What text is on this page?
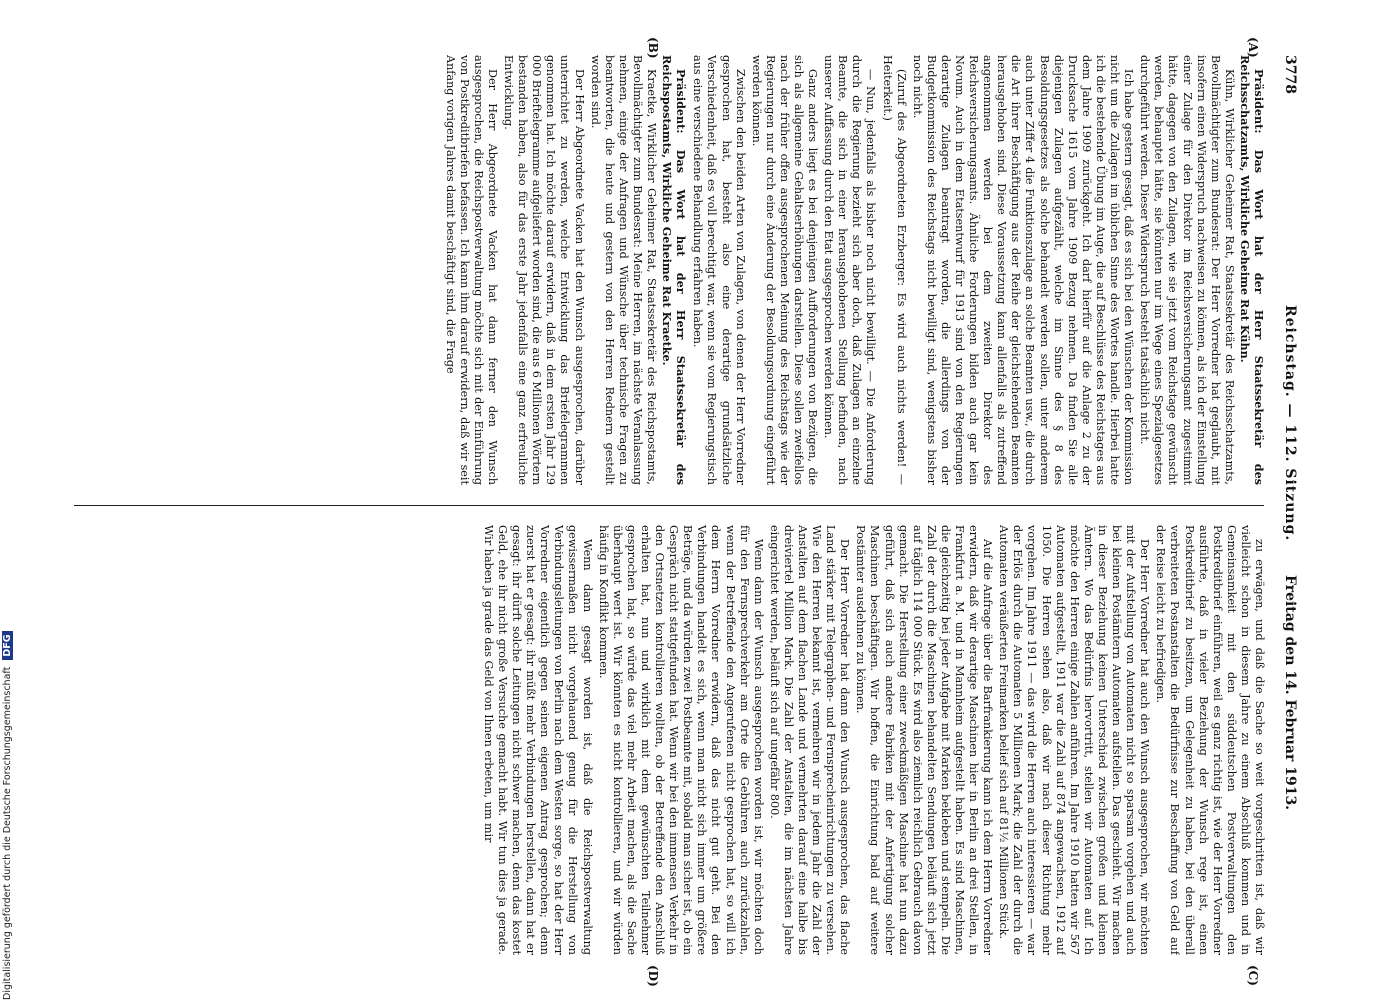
3778
Reichstag. — 112. Sitzung.
Freitag den 14. Februar 1913.
(A)
(B)
(C)
(D)

Präsident: Das Wort hat der Herr Staatssekretär des Reichsschatzamts, Wirkliche Geheime Rat Kühn.

Kühn, Wirklicher Geheimer Rat, Staatssekretär des Reichsschatzamts, Bevollmächtigter zum Bundesrat: Der Herr Vorredner hat geglaubt, mit insofern einen Widerspruch nachweisen zu können, als ich der Einstellung einer Zulage für den Direktor im Reichsversicherungsamt zugestimmt hätte, dagegen von den Zulagen, wie sie jetzt vom Reichstage gewünscht werden, behauptet hätte, sie könnten nur im Wege eines Spezialgesetzes durchgeführt werden. Dieser Widerspruch besteht tatsächlich nicht.

Ich habe gestern gesagt, daß es sich bei den Wünschen der Kommission nicht um die Zulagen im üblichen Sinne des Wortes handle. Hierbei hatte ich die bestehende Übung im Auge, die auf Beschlüsse des Reichstages aus dem Jahre 1909 zurückgeht. Ich darf hierfür auf die Anlage 2 zu der Drucksache 1615 vom Jahre 1909 Bezug nehmen. Da finden Sie alle diejenigen Zulagen aufgezählt, welche im Sinne des § 8 des Besoldungsgesetzes als solche behandelt werden sollen, unter anderem auch unter Ziffer 4 die Funktionszulage an solche Beamten usw., die durch die Art ihrer Beschäftigung aus der Reihe der gleichstehenden Beamten herausgehoben sind. Diese Voraussetzung kann allenfalls als zutreffend angenommen werden bei dem zweiten Direktor des Reichsversicherungsamts. Ähnliche Forderungen bilden auch gar kein Novum. Auch in dem Etatsentwurf für 1913 sind von den Regierungen derartige Zulagen beantragt worden, die allerdings von der Budgetkommission des Reichstags nicht bewilligt sind, wenigstens bisher noch nicht.

(Zuruf des Abgeordneten Erzberger: Es wird auch nichts werden! — Heiterkeit.)

— Nun, jedenfalls als bisher noch nicht bewilligt. — Die Anforderung durch die Regierung bezieht sich aber doch, daß Zulagen an einzelne Beamte, die sich in einer herausgehobenen Stellung befinden, nach unserer Auffassung durch den Etat ausgesprochen werden können.

Ganz anders liegt es bei denjenigen Aufforderungen von Bezügen, die sich als allgemeine Gehaltserhöhungen darstellen. Diese sollen zweifellos nach der früher offen ausgesprochenen Meinung des Reichstags wie der Regierungen nur durch eine Änderung der Besoldungsordnung eingeführt werden können.

Zwischen den beiden Arten von Zulagen, von denen der Herr Vorredner gesprochen hat, besteht also eine derartige grundsätzliche Verschiedenheit, daß es voll berechtigt war, wenn sie vom Regierungstisch aus eine verschiedene Behandlung erfahren haben.

Präsident: Das Wort hat der Herr Staatssekretär des Reichspostamts, Wirkliche Geheime Rat Kraetke.

Kraetke, Wirklicher Geheimer Rat, Staatssekretär des Reichspostamts, Bevollmächtigter zum Bundesrat: Meine Herren, im nächste Veranlassung nehmen, einige der Anfragen und Wünsche über technische Fragen zu beantworten, die heute und gestern von den Herren Rednern gestellt worden sind.

Der Herr Abgeordnete Vacken hat den Wunsch ausgesprochen, darüber unterrichtet zu werden, welche Entwicklung das Briefelegrammen genommen hat. Ich möchte darauf erwidern, daß in dem ersten Jahr 129 000 Brieftelegramme aufgeliefert worden sind, die aus 6 Millionen Wörtern bestanden haben, also für das erste Jahr jedenfalls eine ganz erfreuliche Entwicklung.

Der Herr Abgeordnete Vacken hat dann ferner den Wunsch ausgesprochen, die Reichspostverwaltung möchte sich mit der Einführung von Postkreditbriefen befassen. Ich kann ihm darauf erwidern, daß wir seit Anfang vorigen Jahres damit beschäftigt sind, die Frage

zu erwägen, und daß die Sache so weit vorgeschritten ist, daß wir vielleicht schon in diesem Jahre zu einem Abschluß kommen und in Gemeinsamkeit mit den süddeutschen Postverwaltungen den Postkreditbrief einführen, weil es ganz richtig ist, wie der Herr Vorredner ausführte, daß in vieler Beziehung der Wunsch rege ist, einen Postkreditbrief zu besitzen, um Gelegenheit zu haben, bei den überall verbreiteten Postanstalten die Bedürfnisse zur Beschaffung von Geld auf der Reise leicht zu befriedigen.

Der Herr Vorredner hat auch den Wunsch ausgesprochen, wir möchten mit der Aufstellung von Automaten nicht so sparsam vorgehen und auch bei kleinen Postämtern Automaten aufstellen. Das geschieht. Wir machen in dieser Beziehung keinen Unterschied zwischen großen und kleinen Ämtern. Wo das Bedürfnis hervortritt, stellen wir Automaten auf. Ich möchte den Herren einige Zahlen anführen. Im Jahre 1910 hatten wir 567 Automaten aufgestellt, 1911 war die Zahl auf 874 angewachsen, 1912 auf 1050. Die Herren sehen also, daß wir nach dieser Richtung mehr vorgehen. Im Jahre 1911 — das wird die Herren auch interessieren — war der Erlös durch die Automaten 5 Millionen Mark; die Zahl der durch die Automaten veräußerten Freimarken belief sich auf 81½ Millionen Stück.

Auf die Anfrage über die Barfrankierung kann ich dem Herrn Vorredner erwidern, daß wir derartige Maschinen hier in Berlin an drei Stellen, in Frankfurt a. M. und in Mannheim aufgestellt haben. Es sind Maschinen, die gleichzeitig bei jeder Aufgabe mit Marken bekleben und stempeln. Die Zahl der durch die Maschinen behandelten Sendungen beläuft sich jetzt auf täglich 114 000 Stück. Es wird also ziemlich reichlich Gebrauch davon gemacht. Die Herstellung einer zweckmäßigen Maschine hat nun dazu geführt, daß sich auch andere Fabriken mit der Anfertigung solcher Maschinen beschäftigen. Wir hoffen, die Einrichtung bald auf weitere Postämter ausdehnen zu können.

Der Herr Vorredner hat dann den Wunsch ausgesprochen, das flache Land stärker mit Telegraphen- und Fernsprecheinrichtungen zu versehen. Wie den Herren bekannt ist, vermehren wir in jedem Jahr die Zahl der Anstalten auf dem flachen Lande und vermehrten darauf eine halbe bis dreiviertel Million Mark. Die Zahl der Anstalten, die im nächsten Jahre eingerichtet werden, beläuft sich auf ungefähr 800.

Wenn dann der Wunsch ausgesprochen worden ist, wir möchten doch für den Fernsprechverkehr am Orte die Gebühren auch zurückzahlen, wenn der Betreffende den Angerufenen nicht gesprochen hat, so will ich dem Herrn Vorredner erwidern, daß das nicht gut geht. Bei den Verbindungen handelt es sich, wenn man nicht sich immer um größere Beträge, und da würden zwei Postbeamte mit, sobald man sicher ist, ob ein Gespräch nicht stattgefunden hat. Wenn wir bei den immensen Verkehr in den Ortsnetzen kontrollieren wollten, ob der Betreffende den Anschluß erhalten hat, nun und wirklich mit dem gewünschten Teilnehmer gesprochen hat, so würde das viel mehr Arbeit machen, als die Sache überhaupt wert ist. Wir könnten es nicht kontrollieren, und wir würden häufig in Konflikt kommen.

Wenn dann gesagt worden ist, daß die Reichspostverwaltung gewissermaßen nicht vorgehauend genug für die Herstellung von Verbindungsleitungen von Berlin nach dem Westen sorge, so hat der Herr Vorredner eigentlich gegen seinen eigenen Antrag gesprochen; denn zuerst hat er gesagt: ihr müßt mehr Verbindungen herstellen, dann hat er gesagt: ihr dürft solche Leitungen nicht schwer machen, denn das kostet Geld, ehe ihr nicht große Versuche gemacht habt. Wir tun dies ja gerade. Wir haben ja grade das Geld von Ihnen erbeten, um mir

Digitalisierung gefördert durch die Deutsche Forschungsgemeinschaft DFG
